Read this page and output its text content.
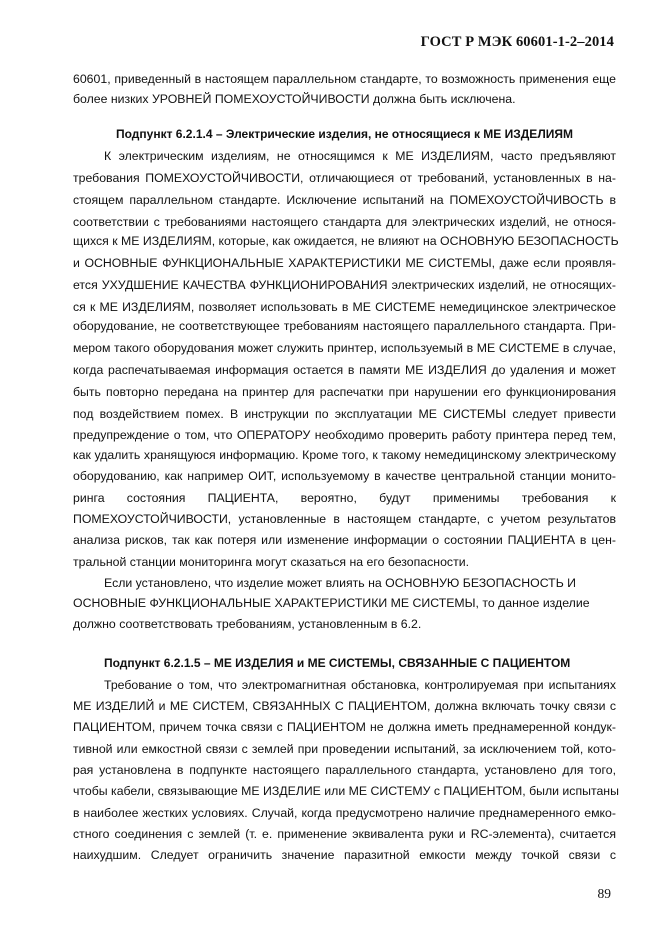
ГОСТ Р МЭК 60601-1-2–2014
60601, приведенный в настоящем параллельном стандарте, то возможность применения еще
более низких УРОВНЕЙ ПОМЕХОУСТОЙЧИВОСТИ должна быть исключена.
Подпункт 6.2.1.4 – Электрические изделия, не относящиеся к МЕ ИЗДЕЛИЯМ
К электрическим изделиям, не относящимся к МЕ ИЗДЕЛИЯМ, часто предъявляют
требования ПОМЕХОУСТОЙЧИВОСТИ, отличающиеся от требований, установленных в на-
стоящем параллельном стандарте. Исключение испытаний на ПОМЕХОУСТОЙЧИВОСТЬ в
соответствии с требованиями настоящего стандарта для электрических изделий, не относя-
щихся к МЕ ИЗДЕЛИЯМ, которые, как ожидается, не влияют на ОСНОВНУЮ БЕЗОПАСНОСТЬ
и ОСНОВНЫЕ ФУНКЦИОНАЛЬНЫЕ ХАРАКТЕРИСТИКИ МЕ СИСТЕМЫ, даже если проявля-
ется УХУДШЕНИЕ КАЧЕСТВА ФУНКЦИОНИРОВАНИЯ электрических изделий, не относящих-
ся к МЕ ИЗДЕЛИЯМ, позволяет использовать в МЕ СИСТЕМЕ немедицинское электрическое
оборудование, не соответствующее требованиям настоящего параллельного стандарта. При-
мером такого оборудования может служить принтер, используемый в МЕ СИСТЕМЕ в случае,
когда распечатываемая информация остается в памяти МЕ ИЗДЕЛИЯ до удаления и может
быть повторно передана на принтер для распечатки при нарушении его функционирования
под воздействием помех. В инструкции по эксплуатации МЕ СИСТЕМЫ следует привести
предупреждение о том, что ОПЕРАТОРУ необходимо проверить работу принтера перед тем,
как удалить хранящуюся информацию. Кроме того, к такому немедицинскому электрическому
оборудованию, как например ОИТ, используемому в качестве центральной станции монито-
ринга состояния ПАЦИЕНТА, вероятно, будут применимы требования к
ПОМЕХОУСТОЙЧИВОСТИ, установленные в настоящем стандарте, с учетом результатов
анализа рисков, так как потеря или изменение информации о состоянии ПАЦИЕНТА в цен-
тральной станции мониторинга могут сказаться на его безопасности.
Если установлено, что изделие может влиять на ОСНОВНУЮ БЕЗОПАСНОСТЬ И
ОСНОВНЫЕ ФУНКЦИОНАЛЬНЫЕ ХАРАКТЕРИСТИКИ МЕ СИСТЕМЫ, то данное изделие
должно соответствовать требованиям, установленным в 6.2.
Подпункт 6.2.1.5 – МЕ ИЗДЕЛИЯ и МЕ СИСТЕМЫ, СВЯЗАННЫЕ С ПАЦИЕНТОМ
Требование о том, что электромагнитная обстановка, контролируемая при испытаниях
МЕ ИЗДЕЛИЙ и МЕ СИСТЕМ, СВЯЗАННЫХ С ПАЦИЕНТОМ, должна включать точку связи с
ПАЦИЕНТОМ, причем точка связи с ПАЦИЕНТОМ не должна иметь преднамеренной кондук-
тивной или емкостной связи с землей при проведении испытаний, за исключением той, кото-
рая установлена в подпункте настоящего параллельного стандарта, установлено для того,
чтобы кабели, связывающие МЕ ИЗДЕЛИЕ или МЕ СИСТЕМУ с ПАЦИЕНТОМ, были испытаны
в наиболее жестких условиях. Случай, когда предусмотрено наличие преднамеренного емко-
стного соединения с землей (т. е. применение эквивалента руки и RC-элемента), считается
наихудшим. Следует ограничить значение паразитной емкости между точкой связи с
89
